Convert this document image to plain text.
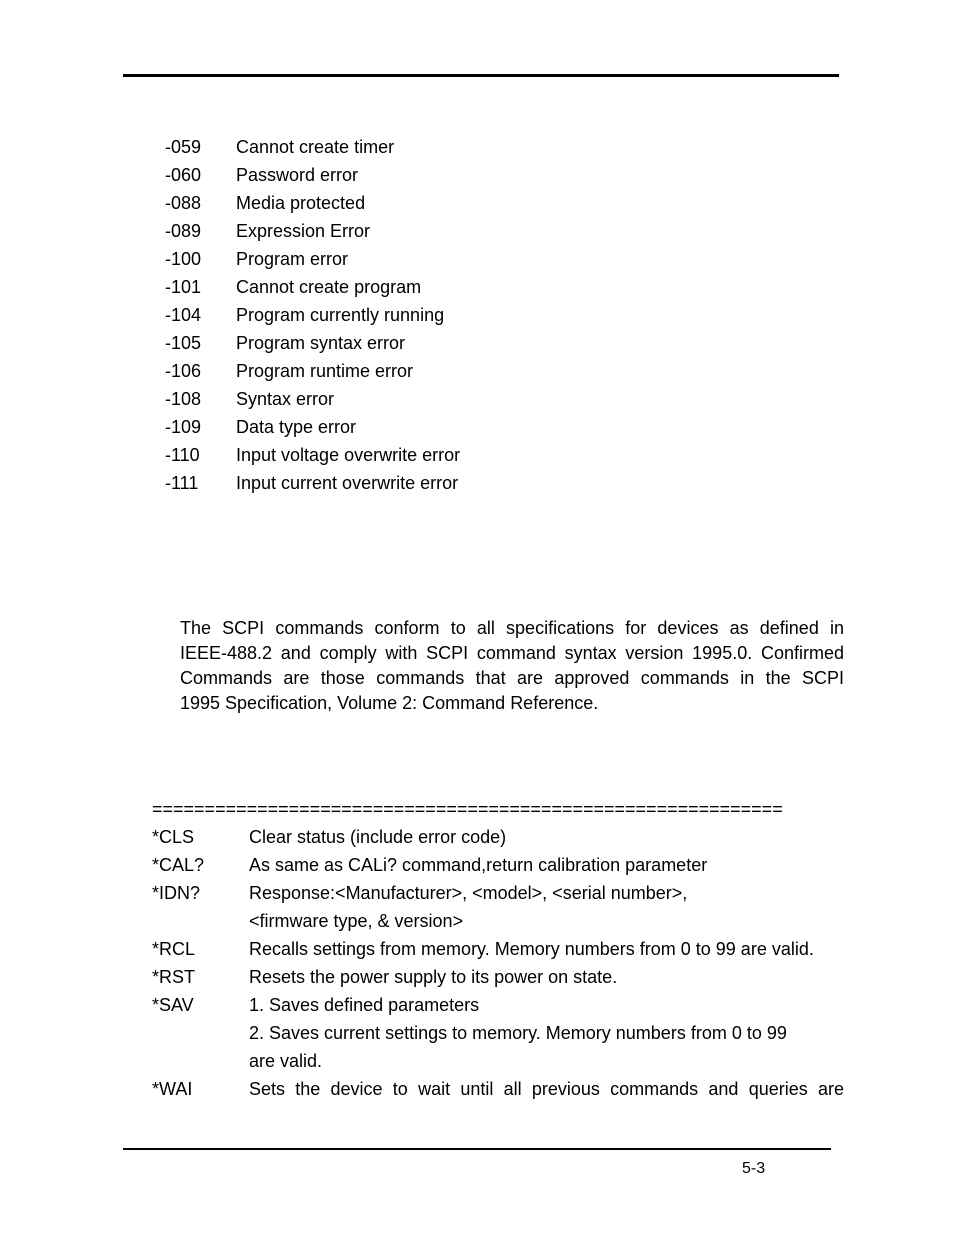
-059 Cannot create timer
-060 Password error
-088 Media protected
-089 Expression Error
-100 Program error
-101 Cannot create program
-104 Program currently running
-105 Program syntax error
-106 Program runtime error
-108 Syntax error
-109 Data type error
-110 Input voltage overwrite error
-111 Input current overwrite error
The SCPI commands conform to all specifications for devices as defined in
IEEE-488.2 and comply with SCPI command syntax version 1995.0. Confirmed
Commands are those commands that are approved commands in the SCPI
1995 Specification, Volume 2: Command Reference.
============================================================
*CLS	Clear status (include error code)
*CAL?	As same as CALi? command,return calibration parameter
*IDN?	Response:<Manufacturer>, <model>, <serial number>,
<firmware type, & version>
*RCL	Recalls settings from memory. Memory numbers from 0 to 99 are valid.
*RST	Resets the power supply to its power on state.
*SAV	1. Saves defined parameters
2. Saves current settings to memory. Memory numbers from 0 to 99
are valid.
*WAI	Sets the device to wait until all previous commands and queries are
5-3
